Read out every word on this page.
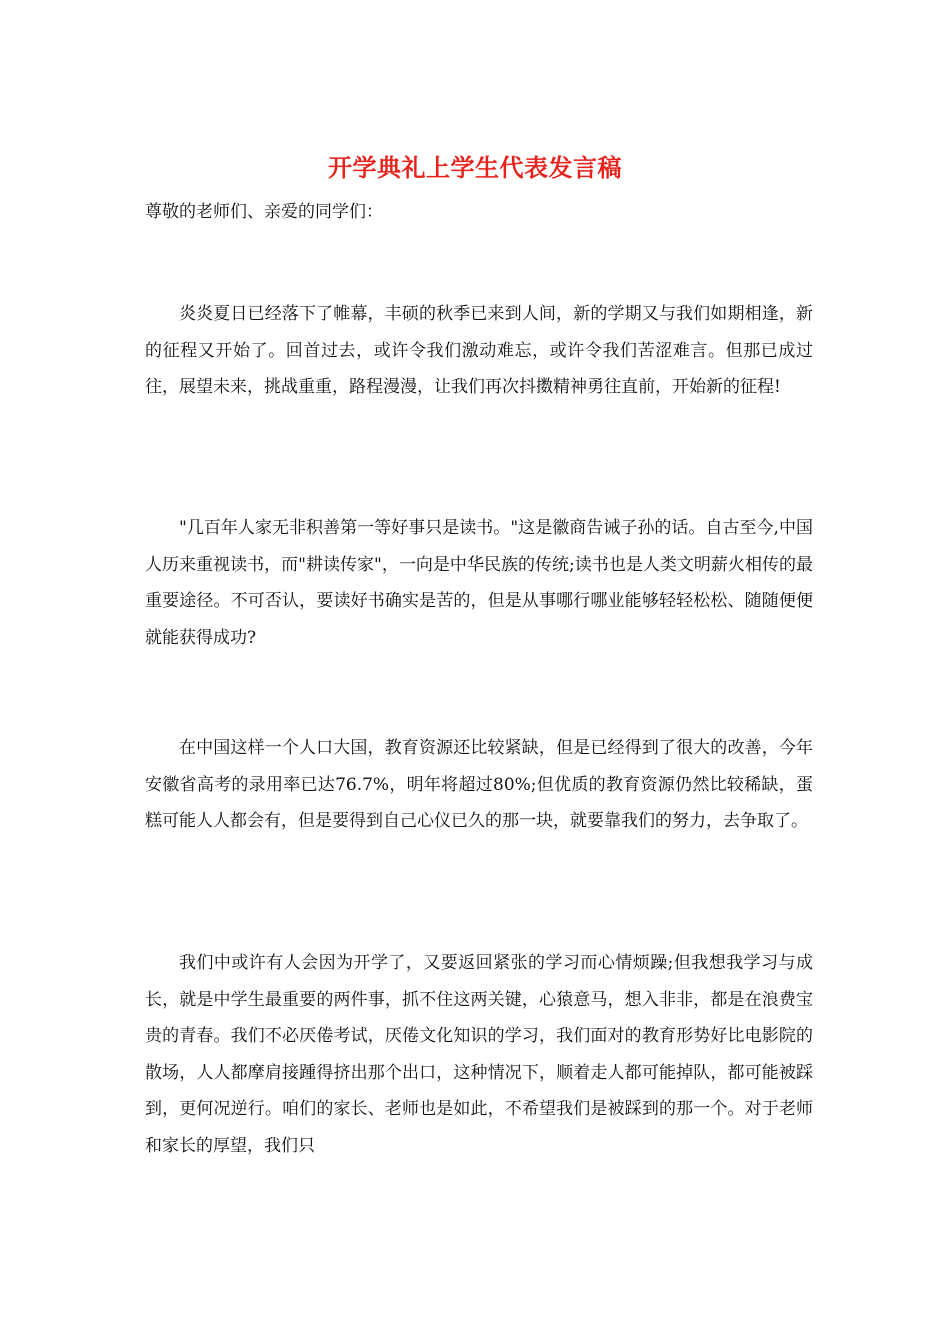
开学典礼上学生代表发言稿
尊敬的老师们、亲爱的同学们：

炎炎夏日已经落下了帷幕，丰硕的秋季已来到人间，新的学期又与我们如期相逢，新的征程又开始了。回首过去，或许令我们激动难忘，或许令我们苦涩难言。但那已成过往，展望未来，挑战重重，路程漫漫，让我们再次抖擞精神勇往直前，开始新的征程!

"几百年人家无非积善第一等好事只是读书。"这是徽商告诫子孙的话。自古至今,中国人历来重视读书，而"耕读传家"，一向是中华民族的传统;读书也是人类文明薪火相传的最重要途径。不可否认，要读好书确实是苦的，但是从事哪行哪业能够轻轻松松、随随便便就能获得成功?

在中国这样一个人口大国，教育资源还比较紧缺，但是已经得到了很大的改善，今年安徽省高考的录用率已达76.7%，明年将超过80%;但优质的教育资源仍然比较稀缺，蛋糕可能人人都会有，但是要得到自己心仪已久的那一块，就要靠我们的努力，去争取了。

我们中或许有人会因为开学了，又要返回紧张的学习而心情烦躁;但我想我学习与成长，就是中学生最重要的两件事，抓不住这两关键，心猿意马，想入非非，都是在浪费宝贵的青春。我们不必厌倦考试，厌倦文化知识的学习，我们面对的教育形势好比电影院的散场，人人都摩肩接踵得挤出那个出口，这种情况下，顺着走人都可能掉队，都可能被踩到，更何况逆行。咱们的家长、老师也是如此，不希望我们是被踩到的那一个。对于老师和家长的厚望，我们只
